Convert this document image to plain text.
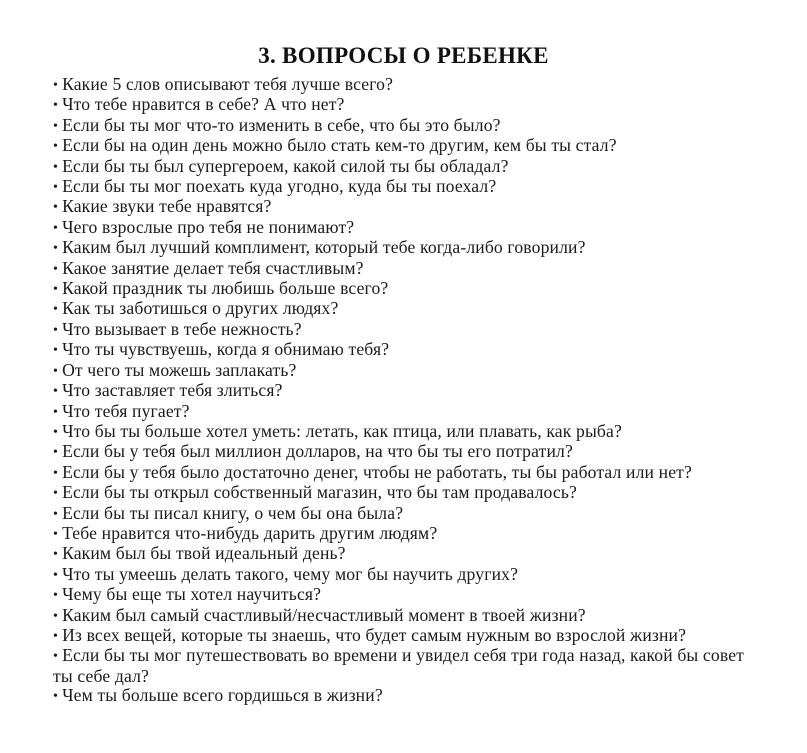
3. ВОПРОСЫ О РЕБЕНКЕ
• Какие 5 слов описывают тебя лучше всего?
• Что тебе нравится в себе? А что нет?
• Если бы ты мог что-то изменить в себе, что бы это было?
• Если бы на один день можно было стать кем-то другим, кем бы ты стал?
• Если бы ты был супергероем, какой силой ты бы обладал?
• Если бы ты мог поехать куда угодно, куда бы ты поехал?
• Какие звуки тебе нравятся?
• Чего взрослые про тебя не понимают?
• Каким был лучший комплимент, который тебе когда-либо говорили?
• Какое занятие делает тебя счастливым?
• Какой праздник ты любишь больше всего?
• Как ты заботишься о других людях?
• Что вызывает в тебе нежность?
• Что ты чувствуешь, когда я обнимаю тебя?
• От чего ты можешь заплакать?
• Что заставляет тебя злиться?
• Что тебя пугает?
• Что бы ты больше хотел уметь: летать, как птица, или плавать, как рыба?
• Если бы у тебя был миллион долларов, на что бы ты его потратил?
• Если бы у тебя было достаточно денег, чтобы не работать, ты бы работал или нет?
• Если бы ты открыл собственный магазин, что бы там продавалось?
• Если бы ты писал книгу, о чем бы она была?
• Тебе нравится что-нибудь дарить другим людям?
• Каким был бы твой идеальный день?
• Что ты умеешь делать такого, чему мог бы научить других?
• Чему бы еще ты хотел научиться?
• Каким был самый счастливый/несчастливый момент в твоей жизни?
• Из всех вещей, которые ты знаешь, что будет самым нужным во взрослой жизни?
• Если бы ты мог путешествовать во времени и увидел себя три года назад, какой бы совет ты себе дал?
• Чем ты больше всего гордишься в жизни?
